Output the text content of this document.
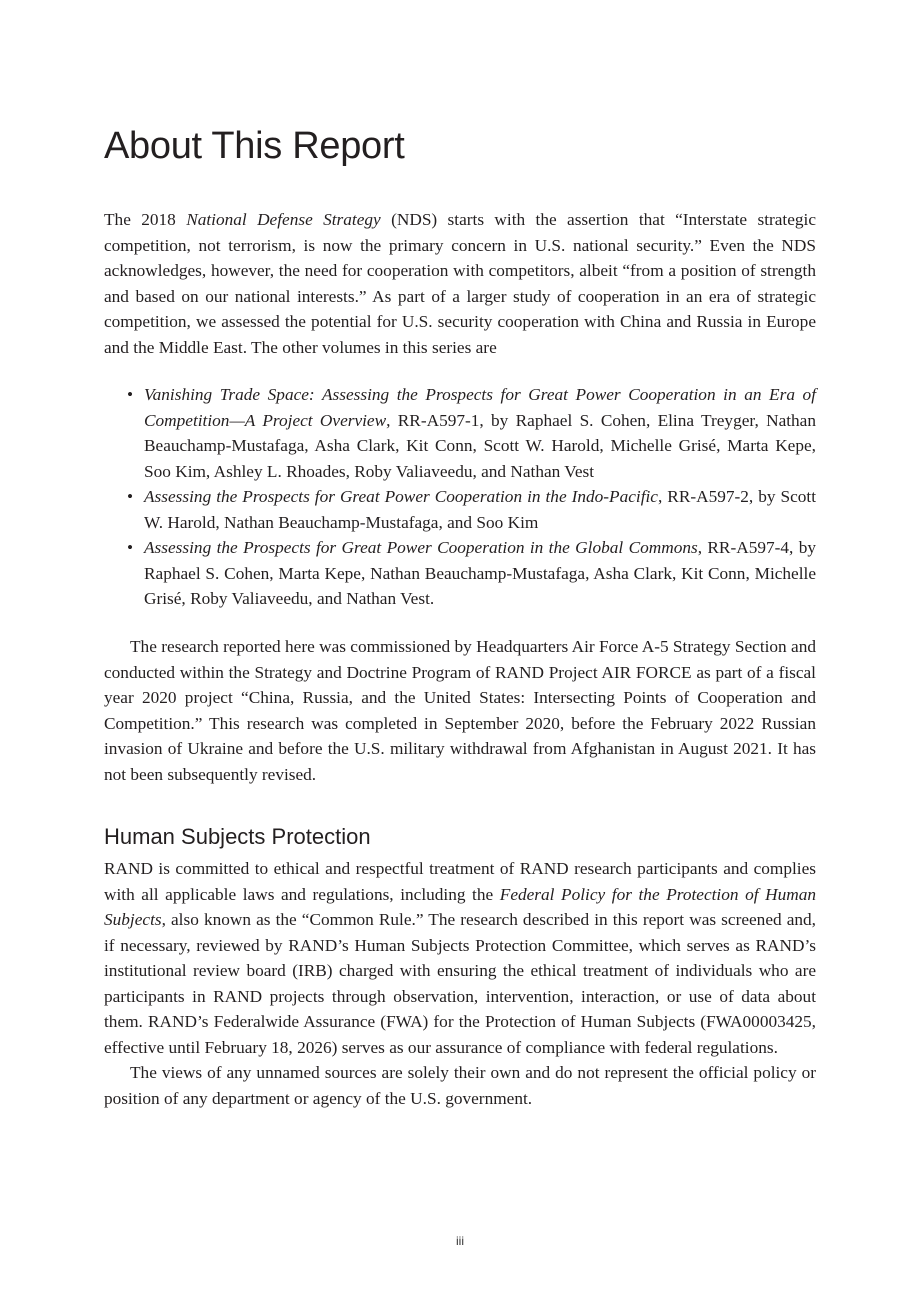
About This Report

The 2018 National Defense Strategy (NDS) starts with the assertion that “Interstate strategic competition, not terrorism, is now the primary concern in U.S. national security.” Even the NDS acknowledges, however, the need for cooperation with competitors, albeit “from a position of strength and based on our national interests.” As part of a larger study of cooperation in an era of strategic competition, we assessed the potential for U.S. security cooperation with China and Russia in Europe and the Middle East. The other volumes in this series are

• Vanishing Trade Space: Assessing the Prospects for Great Power Cooperation in an Era of Competition—A Project Overview, RR-A597-1, by Raphael S. Cohen, Elina Treyger, Nathan Beauchamp-Mustafaga, Asha Clark, Kit Conn, Scott W. Harold, Michelle Grisé, Marta Kepe, Soo Kim, Ashley L. Rhoades, Roby Valiaveedu, and Nathan Vest
• Assessing the Prospects for Great Power Cooperation in the Indo-Pacific, RR-A597-2, by Scott W. Harold, Nathan Beauchamp-Mustafaga, and Soo Kim
• Assessing the Prospects for Great Power Cooperation in the Global Commons, RR-A597-4, by Raphael S. Cohen, Marta Kepe, Nathan Beauchamp-Mustafaga, Asha Clark, Kit Conn, Michelle Grisé, Roby Valiaveedu, and Nathan Vest.

The research reported here was commissioned by Headquarters Air Force A-5 Strategy Section and conducted within the Strategy and Doctrine Program of RAND Project AIR FORCE as part of a fiscal year 2020 project “China, Russia, and the United States: Intersecting Points of Cooperation and Competition.” This research was completed in September 2020, before the February 2022 Russian invasion of Ukraine and before the U.S. military withdrawal from Afghanistan in August 2021. It has not been subsequently revised.

Human Subjects Protection

RAND is committed to ethical and respectful treatment of RAND research participants and complies with all applicable laws and regulations, including the Federal Policy for the Protection of Human Subjects, also known as the “Common Rule.” The research described in this report was screened and, if necessary, reviewed by RAND’s Human Subjects Protection Committee, which serves as RAND’s institutional review board (IRB) charged with ensuring the ethical treatment of individuals who are participants in RAND projects through observation, intervention, interaction, or use of data about them. RAND’s Federalwide Assurance (FWA) for the Protection of Human Subjects (FWA00003425, effective until February 18, 2026) serves as our assurance of compliance with federal regulations.

The views of any unnamed sources are solely their own and do not represent the official policy or position of any department or agency of the U.S. government.

iii
